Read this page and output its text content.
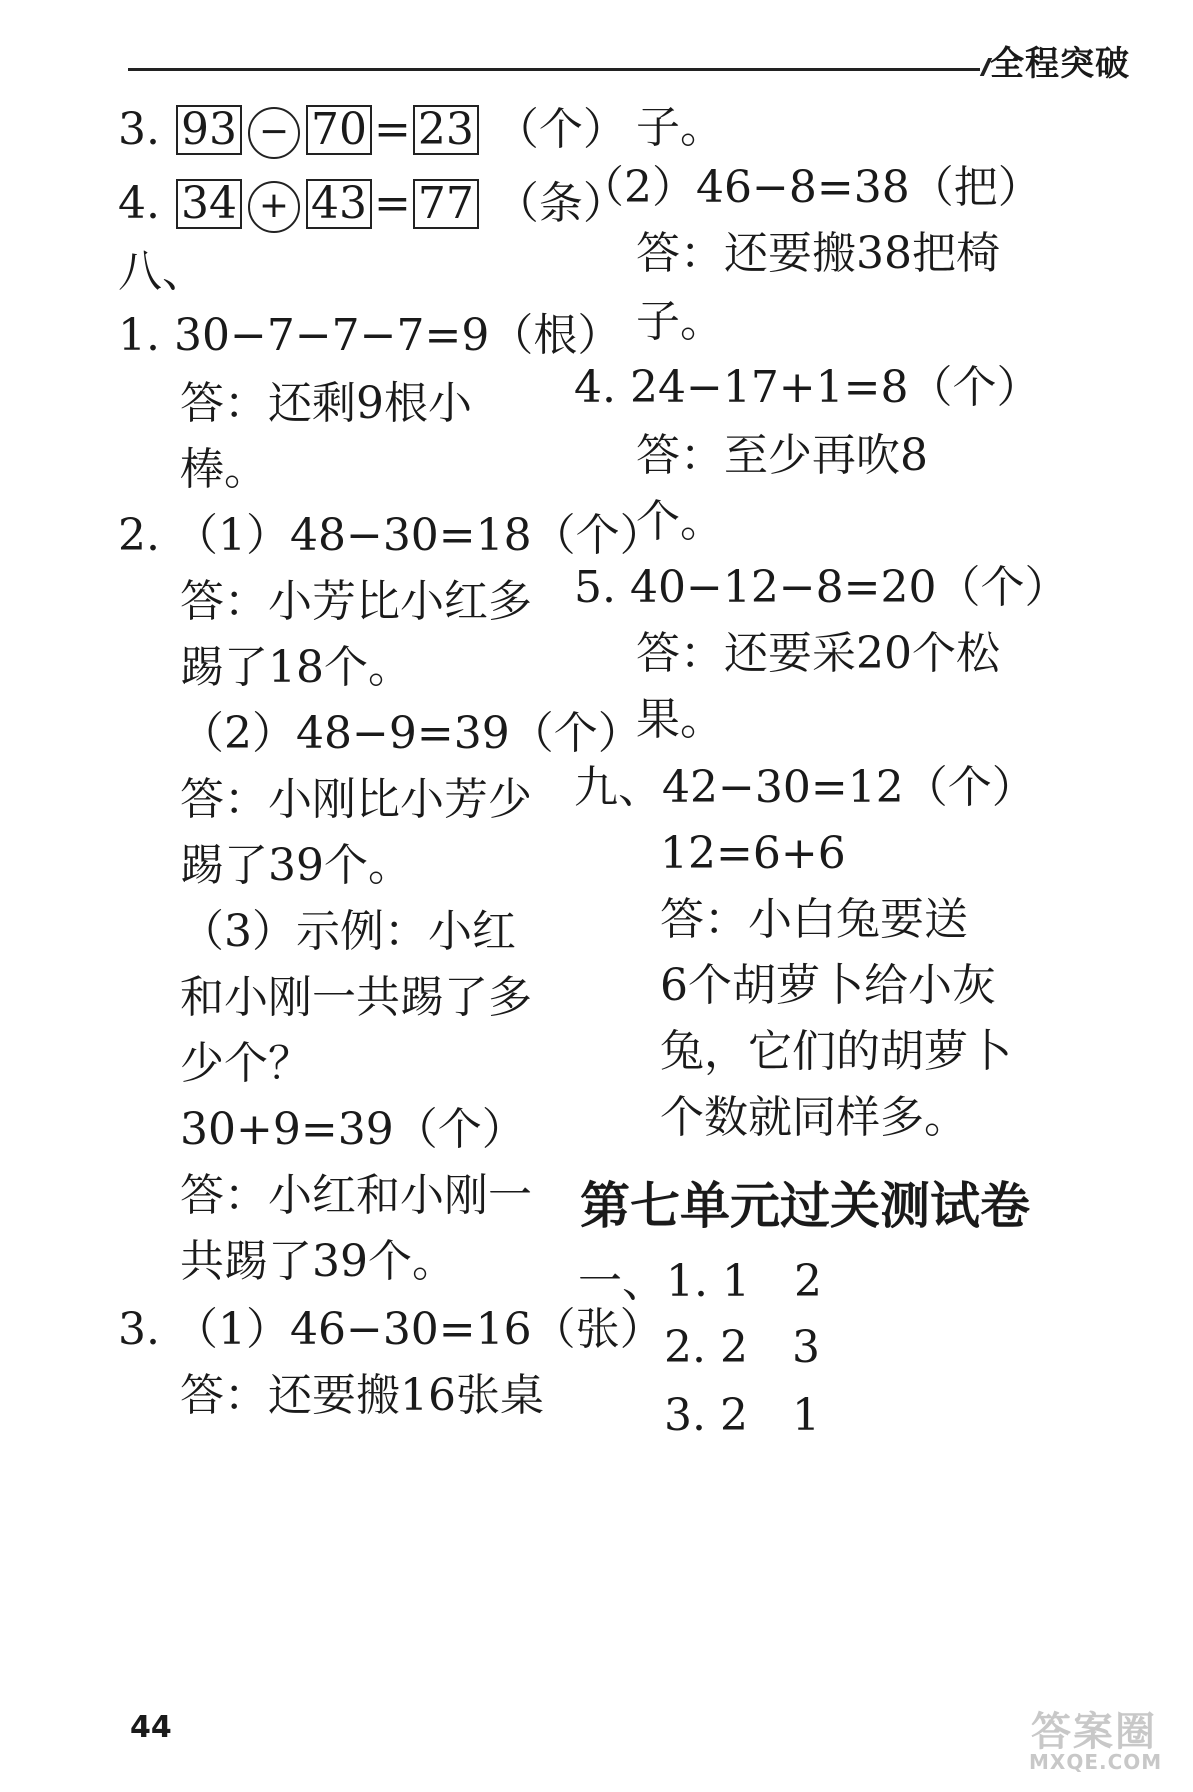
全程突破
3. 93 − 70 = 23 （个）
4. 34 + 43 = 77 （条）
八、
1. 30−7−7−7=9（根）
答：还剩9根小
棒。
2. （1）48−30=18（个）
答：小芳比小红多
踢了18个。
（2）48−9=39（个）
答：小刚比小芳少
踢了39个。
（3）示例：小红
和小刚一共踢了多
少个？
30+9=39（个）
答：小红和小刚一
共踢了39个。
3. （1）46−30=16（张）
答：还要搬16张桌
子。
（2）46−8=38（把）
答：还要搬38把椅
子。
4. 24−17+1=8（个）
答：至少再吹8
个。
5. 40−12−8=20（个）
答：还要采20个松
果。
九、42−30=12（个）
12=6+6
答：小白兔要送
6个胡萝卜给小灰
兔，它们的胡萝卜
个数就同样多。
第七单元过关测试卷
一、1. 1　2
2. 2　3
3. 2　1
44	答案圈
MXQE.COM
